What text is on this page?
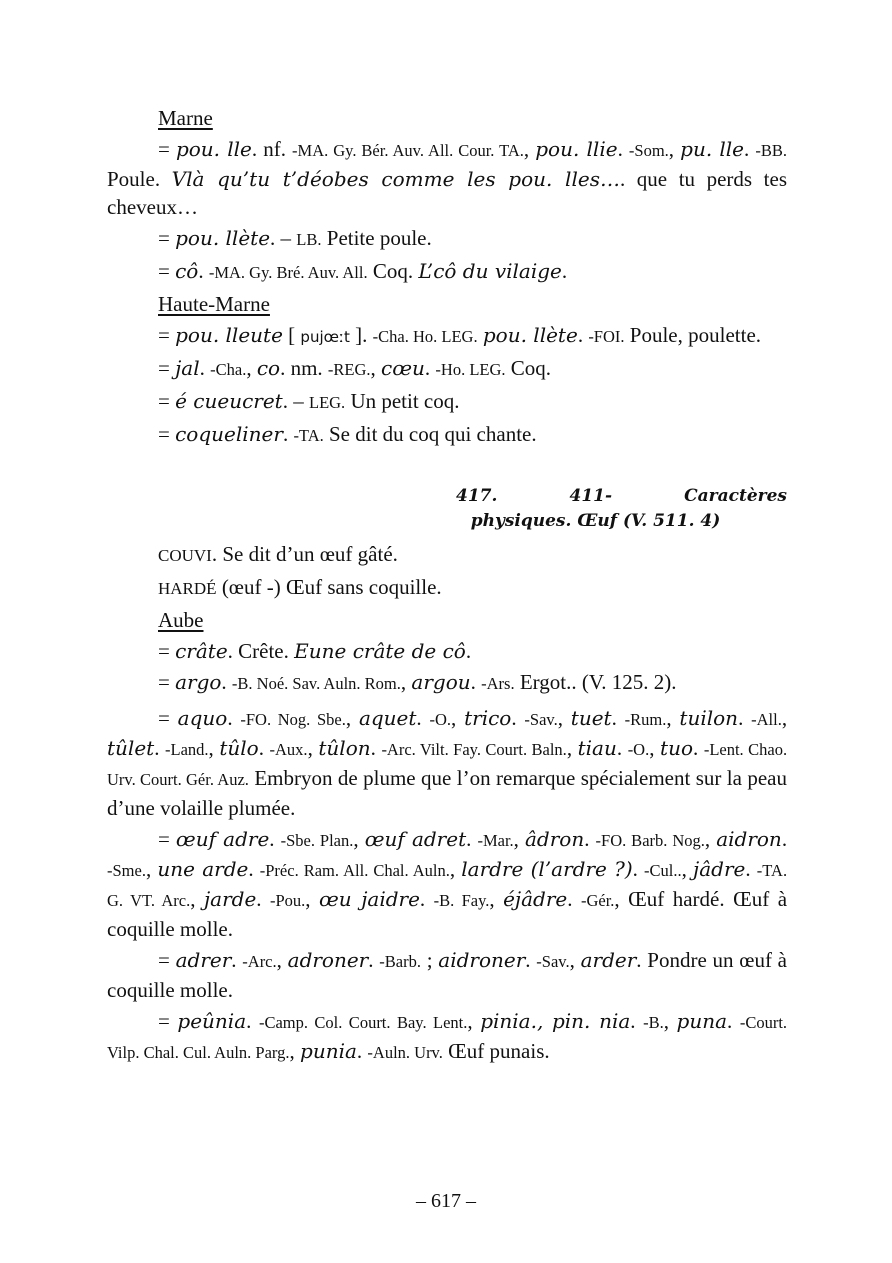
Marne

= pou. lle. nf. -MA. Gy. Bér. Auv. All. Cour. TA., pou. llie. -Som., pu. lle. -BB. Poule. Vlà qu’tu t’déobes comme les pou. lles…. que tu perds tes cheveux…

= pou. llète. – LB. Petite poule.

= cô. -MA. Gy. Bré. Auv. All. Coq. L’cô du vilaige.

Haute-Marne

= pou. lleute [ pujœːt ]. -Cha. Ho. LEG. pou. llète. -FOI. Poule, poulette.

= jal. -Cha., co. nm. -REG., cœu. -Ho. LEG. Coq.

= é cueucret. – LEG. Un petit coq.

= coqueliner. -TA. Se dit du coq qui chante.

417.	411-	Caractères
physiques. Œuf (V. 511. 4)

COUVI. Se dit d’un œuf gâté.

HARDÉ (œuf -) Œuf sans coquille.

Aube

= crâte. Crête. Eune crâte de cô.

= argo. -B. Noé. Sav. Auln. Rom., argou. -Ars. Ergot.. (V. 125. 2).

= aquo. -FO. Nog. Sbe., aquet. -O., trico. -Sav., tuet. -Rum., tuilon. -All., tûlet. -Land., tûlo. -Aux., tûlon. -Arc. Vilt. Fay. Court. Baln., tiau. -O., tuo. -Lent. Chao. Urv. Court. Gér. Auz. Embryon de plume que l’on remarque spécialement sur la peau d’une volaille plumée.

= œuf adre. -Sbe. Plan., œuf adret. -Mar., âdron. -FO. Barb. Nog., aidron. -Sme., une arde. -Préc. Ram. All. Chal. Auln., lardre (l’ardre ?). -Cul.., jâdre. -TA. G. VT. Arc., jarde. -Pou., œu jaidre. -B. Fay., éjâdre. -Gér., Œuf hardé. Œuf à coquille molle.

= adrer. -Arc., adroner. -Barb. ; aidroner. -Sav., arder. Pondre un œuf à coquille molle.

= peûnia. -Camp. Col. Court. Bay. Lent., pinia., pin. nia. -B., puna. -Court. Vilp. Chal. Cul. Auln. Parg., punia. -Auln. Urv. Œuf punais.

– 617 –
